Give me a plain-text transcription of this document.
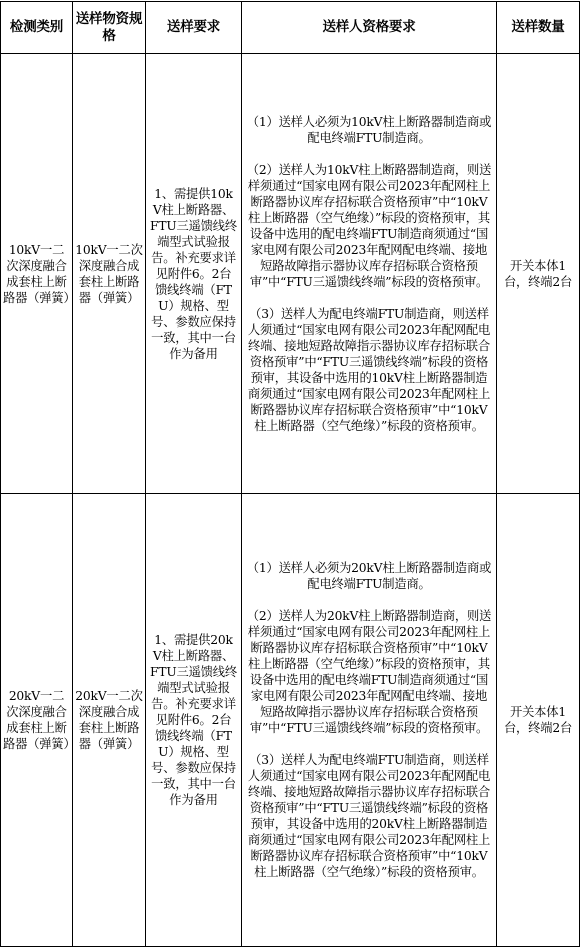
检测类别	送样物资规格	送样要求	送样人资格要求	送样数量
10kV一二次深度融合成套柱上断路器（弹簧）	10kV一二次深度融合成套柱上断路器（弹簧）	1、需提供10kV柱上断路器、FTU三遥馈线终端型式试验报告。补充要求详见附件6。2台馈线终端（FTU）规格、型号、参数应保持一致，其中一台作为备用	（1）送样人必须为10kV柱上断路器制造商或配电终端FTU制造商。

（2）送样人为10kV柱上断路器制造商，则送样须通过“国家电网有限公司2023年配网柱上断路器协议库存招标联合资格预审”中“10kV柱上断路器（空气绝缘）”标段的资格预审，其设备中选用的配电终端FTU制造商须通过“国家电网有限公司2023年配网配电终端、接地短路故障指示器协议库存招标联合资格预审”中“FTU三遥馈线终端”标段的资格预审。

（3）送样人为配电终端FTU制造商，则送样人须通过“国家电网有限公司2023年配网配电终端、接地短路故障指示器协议库存招标联合资格预审”中“FTU三遥馈线终端”标段的资格预审，其设备中选用的10kV柱上断路器制造商须通过“国家电网有限公司2023年配网柱上断路器协议库存招标联合资格预审”中“10kV柱上断路器（空气绝缘）”标段的资格预审。	开关本体1台，终端2台
20kV一二次深度融合成套柱上断路器（弹簧）	20kV一二次深度融合成套柱上断路器（弹簧）	1、需提供20kV柱上断路器、FTU三遥馈线终端型式试验报告。补充要求详见附件6。2台馈线终端（FTU）规格、型号、参数应保持一致，其中一台作为备用	（1）送样人必须为20kV柱上断路器制造商或配电终端FTU制造商。

（2）送样人为20kV柱上断路器制造商，则送样须通过“国家电网有限公司2023年配网柱上断路器协议库存招标联合资格预审”中“10kV柱上断路器（空气绝缘）”标段的资格预审，其设备中选用的配电终端FTU制造商须通过“国家电网有限公司2023年配网配电终端、接地短路故障指示器协议库存招标联合资格预审”中“FTU三遥馈线终端”标段的资格预审。

（3）送样人为配电终端FTU制造商，则送样人须通过“国家电网有限公司2023年配网配电终端、接地短路故障指示器协议库存招标联合资格预审”中“FTU三遥馈线终端”标段的资格预审，其设备中选用的20kV柱上断路器制造商须通过“国家电网有限公司2023年配网柱上断路器协议库存招标联合资格预审”中“10kV柱上断路器（空气绝缘）”标段的资格预审。	开关本体1台，终端2台
